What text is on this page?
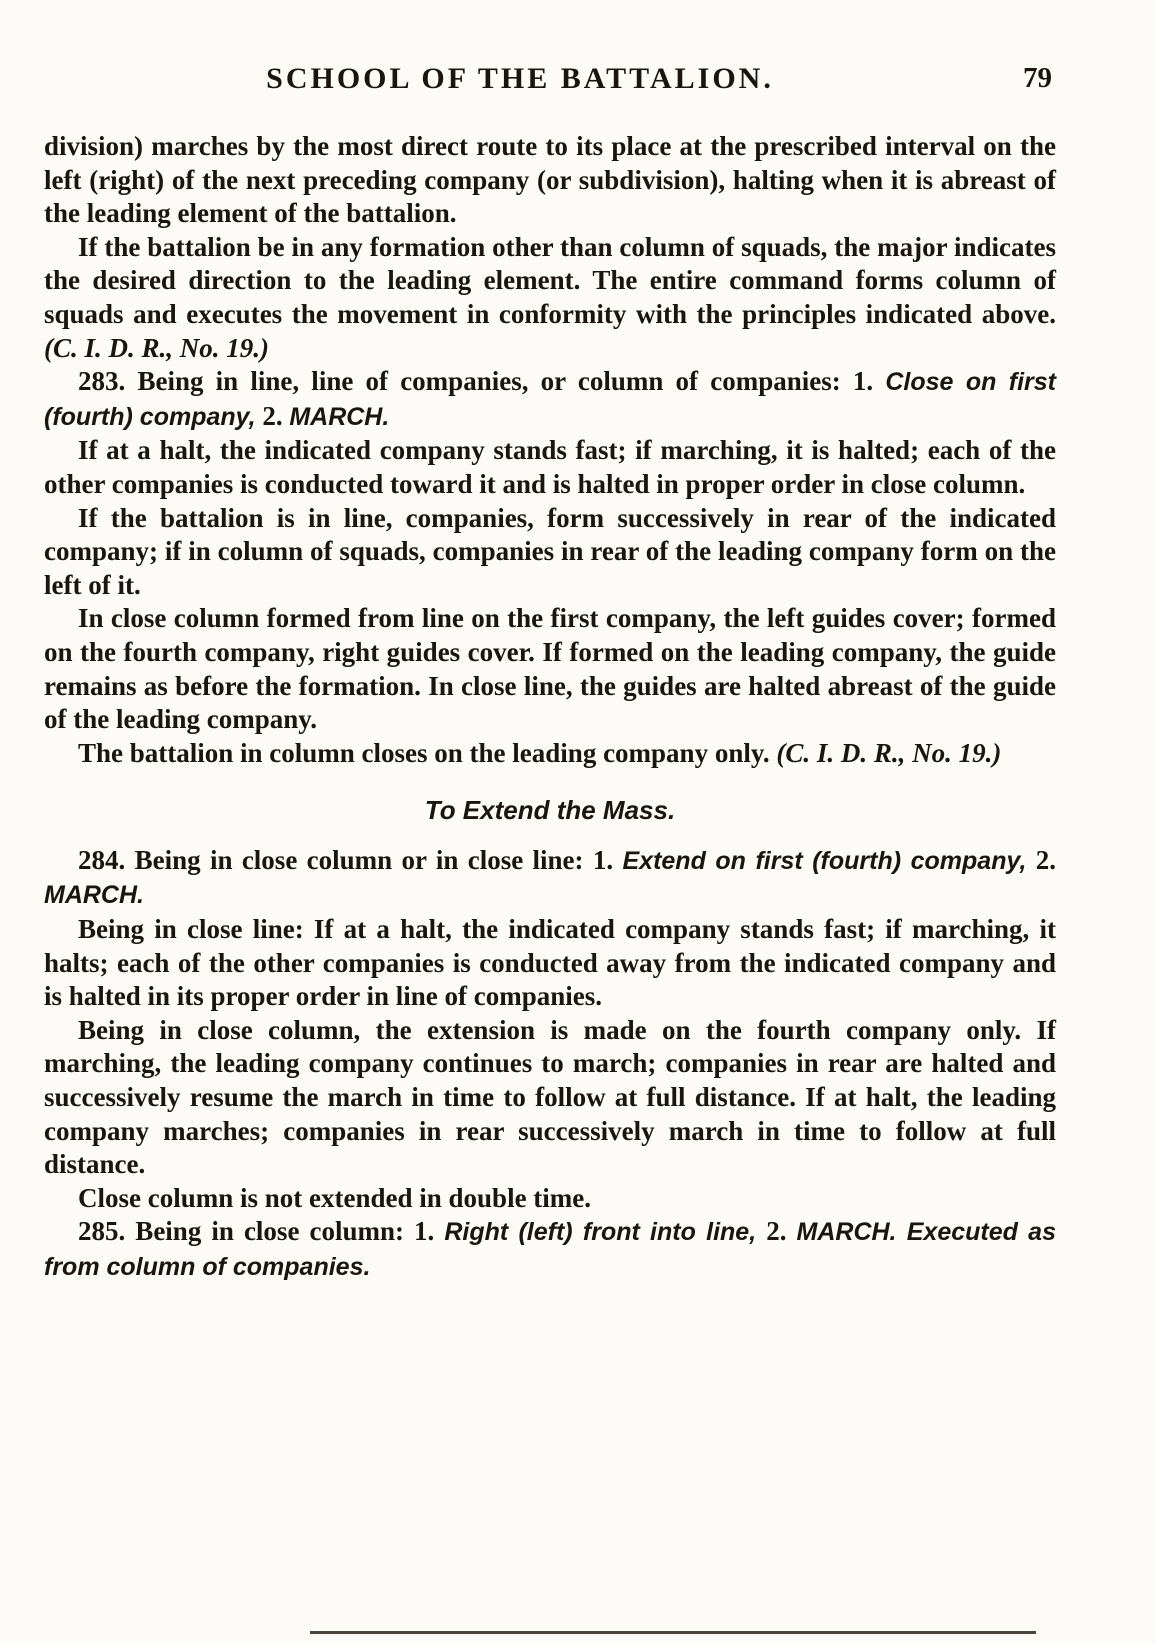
SCHOOL OF THE BATTALION.	79

division) marches by the most direct route to its place at the prescribed interval on the left (right) of the next preceding company (or subdivision), halting when it is abreast of the leading element of the battalion.

If the battalion be in any formation other than column of squads, the major indicates the desired direction to the leading element. The entire command forms column of squads and executes the movement in conformity with the principles indicated above. (C. I. D. R., No. 19.)

283. Being in line, line of companies, or column of companies: 1. Close on first (fourth) company, 2. MARCH.

If at a halt, the indicated company stands fast; if marching, it is halted; each of the other companies is conducted toward it and is halted in proper order in close column.

If the battalion is in line, companies, form successively in rear of the indicated company; if in column of squads, companies in rear of the leading company form on the left of it.

In close column formed from line on the first company, the left guides cover; formed on the fourth company, right guides cover. If formed on the leading company, the guide remains as before the formation. In close line, the guides are halted abreast of the guide of the leading company.

The battalion in column closes on the leading company only. (C. I. D. R., No. 19.)

To Extend the Mass.

284. Being in close column or in close line: 1. Extend on first (fourth) company, 2. MARCH.

Being in close line: If at a halt, the indicated company stands fast; if marching, it halts; each of the other companies is conducted away from the indicated company and is halted in its proper order in line of companies.

Being in close column, the extension is made on the fourth company only. If marching, the leading company continues to march; companies in rear are halted and successively resume the march in time to follow at full distance. If at halt, the leading company marches; companies in rear successively march in time to follow at full distance.

Close column is not extended in double time.

285. Being in close column: 1. Right (left) front into line, 2. MARCH. Executed as from column of companies.
